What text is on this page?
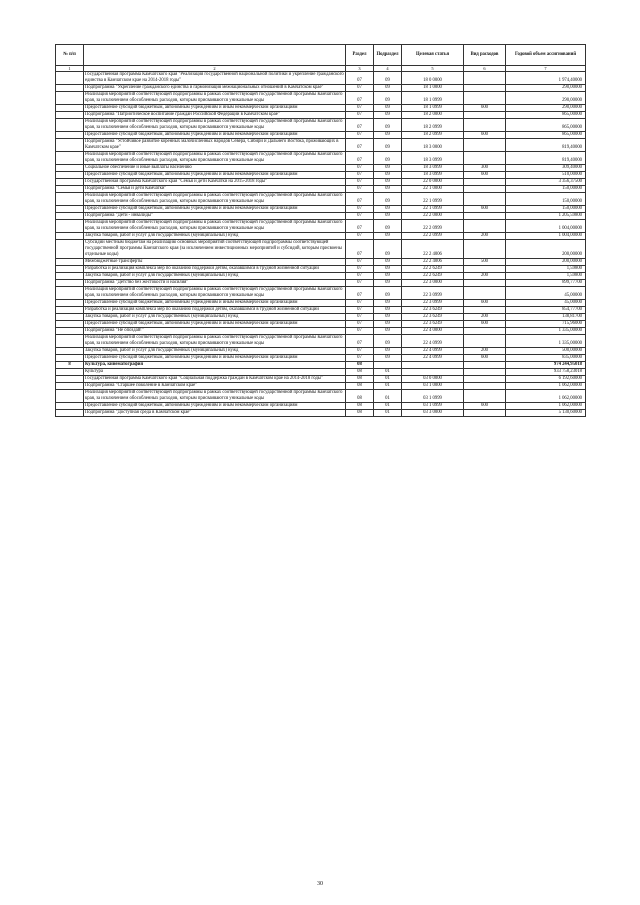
№ п/п		Раздел	Подраздел	Целевая статья	Вид расходов	Годовой объем ассигнований
1	2	3	4	5	6	7
	Государственная программа Камчатского края "Реализация государственной национальной политики и укрепление гражданского единства в Камчатском крае на 2014-2018 годы"	07	09	18 0 0000		1 974,40000
	Подпрограмма "Укрепление гражданского единства и гармонизация межнациональных отношений в Камчатском крае"	07	09	18 1 0000		290,00000
	Реализация мероприятий соответствующей подпрограммы в рамках соответствующей государственной программы Камчатского края, за исключением обособленных расходов, которым присваиваются уникальные коды	07	09	18 1 0999		290,00000
	Предоставление субсидий бюджетным, автономным учреждениям и иным некоммерческим организациям	07	09	18 1 0999	600	290,00000
	Подпрограмма "Патриотическое воспитание граждан Российской Федерации в Камчатском крае"	07	09	18 2 0000		865,00000
	Реализация мероприятий соответствующей подпрограммы в рамках соответствующей государственной программы Камчатского края, за исключением обособленных расходов, которым присваиваются уникальные коды	07	09	18 2 0999		865,00000
	Предоставление субсидий бюджетным, автономным учреждениям и иным некоммерческим организациям	07	09	18 2 0999	600	865,00000
	Подпрограмма "Устойчивое развитие коренных малочисленных народов Севера, Сибири и Дальнего Востока, проживающих в Камчатском крае"	07	09	18 3 0000		819,40000
	Реализация мероприятий соответствующей подпрограммы в рамках соответствующей государственной программы Камчатского края, за исключением обособленных расходов, которым присваиваются уникальные коды	07	09	18 3 0999		819,40000
	Социальное обеспечение и иные выплаты населению	07	09	18 3 0999	300	309,40000
	Предоставление субсидий бюджетным, автономным учреждениям и иным некоммерческим организациям	07	09	18 3 0999	600	510,00000
	Государственная программа Камчатского края "Семья и дети Камчатки на 2015-2018 годы"	07	09	22 0 0000		3 356,37500
	Подпрограмма "Семья и дети Камчатки"	07	09	22 1 0000		150,00000
	Реализация мероприятий соответствующей подпрограммы в рамках соответствующей государственной программы Камчатского края, за исключением обособленных расходов, которым присваиваются уникальные коды	07	09	22 1 0999		150,00000
	Предоставление субсидий бюджетным, автономным учреждениям и иным некоммерческим организациям	07	09	22 1 0999	600	150,00000
	Подпрограмма "Дети - инвалиды"	07	09	22 2 0000		1 205,59800
	Реализация мероприятий соответствующей подпрограммы в рамках соответствующей государственной программы Камчатского края, за исключением обособленных расходов, которым присваиваются уникальные коды	07	09	22 2 0999		1 004,00000
	Закупка товаров, работ и услуг для государственных (муниципальных) нужд	07	09	22 2 0999	200	1 004,00000
	Субсидии местным бюджетам на реализацию основных мероприятий соответствующей подпрограммы соответствующей государственной программы Камчатского края (за исключением инвестиционных мероприятий и субсидий, которым присвоены отдельные коды)	07	09	22 2 4006		200,00000
	Межбюджетные трансферты	07	09	22 2 4006	500	200,00000
	Разработка и реализация комплекса мер по оказанию поддержки детям, оказавшимся в трудной жизненной ситуации	07	09	22 2 6249		1,59800
	Закупка товаров, работ и услуг для государственных (муниципальных) нужд	07	09	22 2 6249	200	1,59800
	Подпрограмма "Детство без жестокости и насилия"	07	09	22 3 0000		899,77700
	Реализация мероприятий соответствующей подпрограммы в рамках соответствующей государственной программы Камчатского края, за исключением обособленных расходов, которым присваиваются уникальные коды	07	09	22 3 0999		45,00000
	Предоставление субсидий бюджетным, автономным учреждениям и иным некоммерческим организациям	07	09	22 3 0999	600	45,00000
	Разработка и реализация комплекса мер по оказанию поддержки детям, оказавшимся в трудной жизненной ситуации	07	09	22 3 6249		854,77700
	Закупка товаров, работ и услуг для государственных (муниципальных) нужд	07	09	22 3 6249	200	138,81700
	Предоставление субсидий бюджетным, автономным учреждениям и иным некоммерческим организациям	07	09	22 3 6249	600	715,96000
	Подпрограмма "Не опоздай!"	07	09	22 4 0000		1 335,00000
	Реализация мероприятий соответствующей подпрограммы в рамках соответствующей государственной программы Камчатского края, за исключением обособленных расходов, которым присваиваются уникальные коды	07	09	22 4 0999		1 335,00000
	Закупка товаров, работ и услуг для государственных (муниципальных) нужд	07	09	22 4 0999	200	500,00000
	Предоставление субсидий бюджетным, автономным учреждениям и иным некоммерческим организациям	07	09	22 4 0999	600	835,00000
8	Культура, кинематография	08				974 244,95018
	Культура	08	01			933 758,23018
	Государственная программа Камчатского края "Социальная поддержка граждан в Камчатском крае на 2014-2018 годы"	08	01	03 0 0000		6 192,60000
	Подпрограмма "Старшее поколение в Камчатском крае"	08	01	03 1 0000		1 062,00000
	Реализация мероприятий соответствующей подпрограммы в рамках соответствующей государственной программы Камчатского края, за исключением обособленных расходов, которым присваиваются уникальные коды	08	01	03 1 0999		1 062,00000
	Предоставление субсидий бюджетным, автономным учреждениям и иным некоммерческим организациям	08	01	03 1 0999	600	1 062,00000
	Подпрограмма "Доступная среда в Камчатском крае"	08	01	03 3 0000		5 130,60000
30
